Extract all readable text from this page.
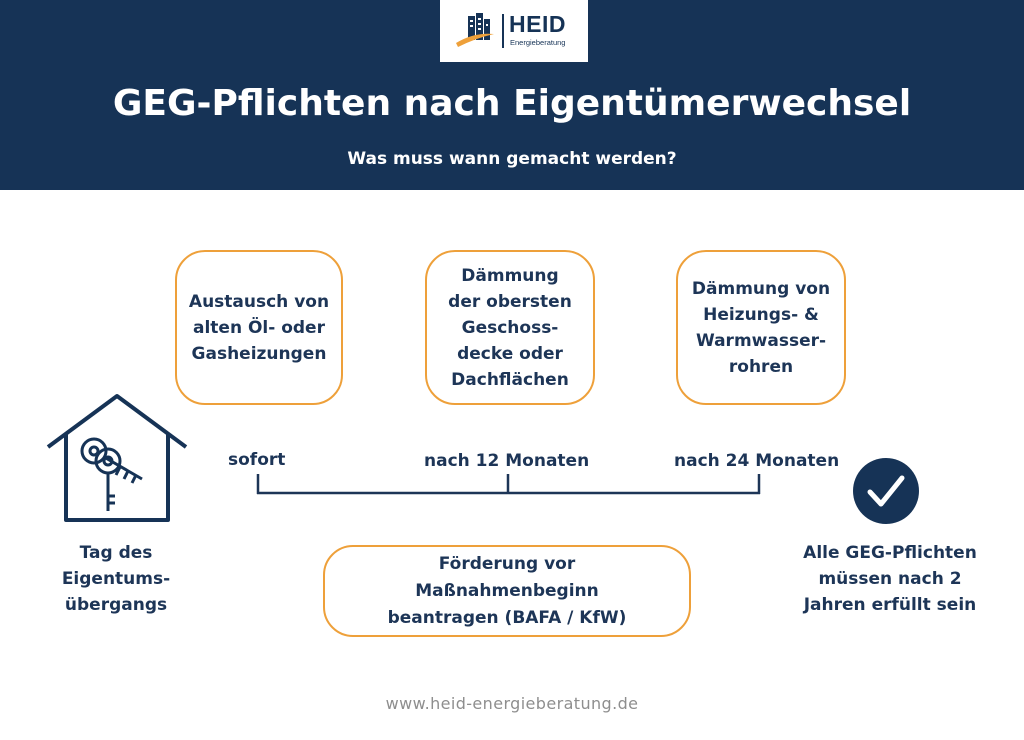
HEID
Energieberatung
GEG-Pflichten nach Eigentümerwechsel
Was muss wann gemacht werden?
Austausch von
alten Öl- oder
Gasheizungen
Dämmung
der obersten
Geschoss-
decke oder
Dachflächen
Dämmung von
Heizungs- &
Warmwasser-
rohren
sofort	nach 12 Monaten	nach 24 Monaten
Tag des
Eigentums-
übergangs
Alle GEG-Pflichten
müssen nach 2
Jahren erfüllt sein
Förderung vor
Maßnahmenbeginn
beantragen (BAFA / KfW)
www.heid-energieberatung.de
